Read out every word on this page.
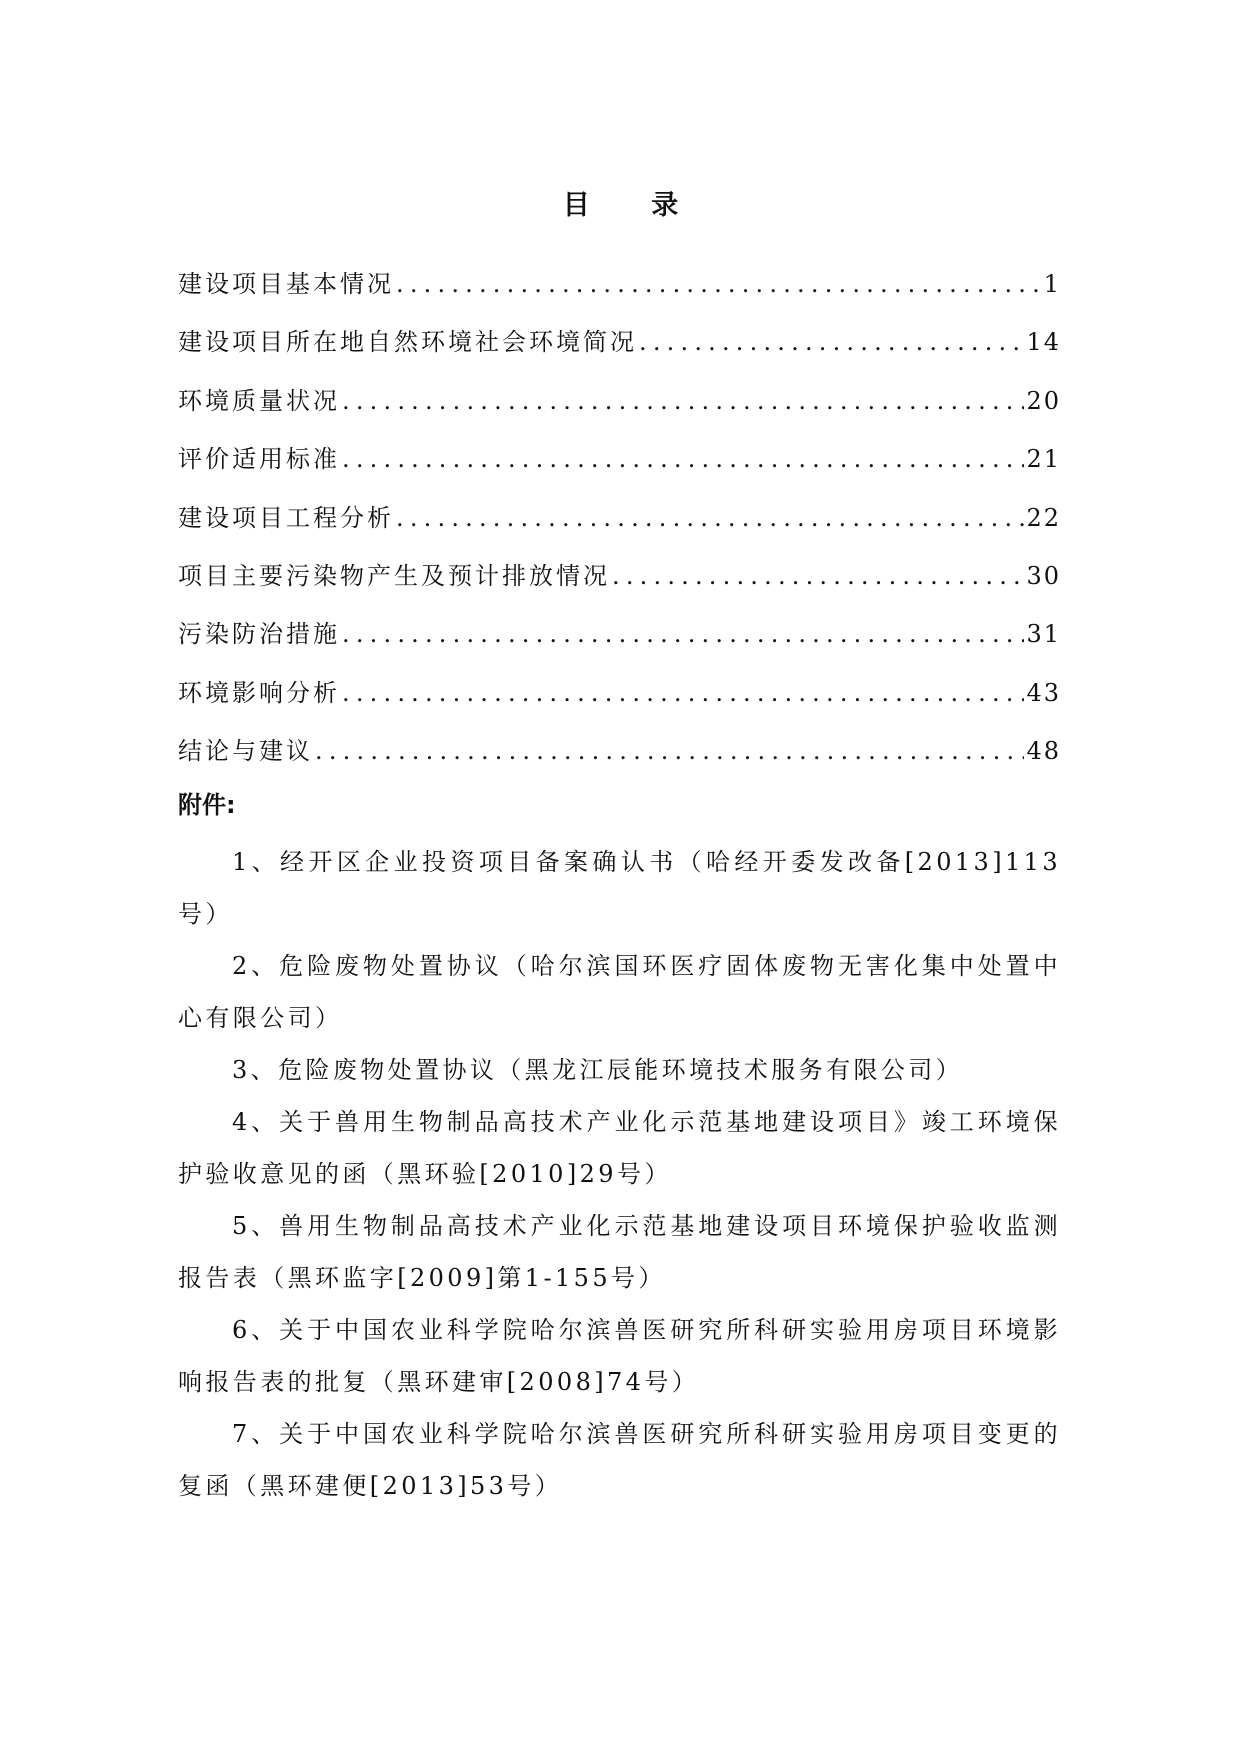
目 录
建设项目基本情况 .....	1
建设项目所在地自然环境社会环境简况 .....	14
环境质量状况 .....	20
评价适用标准 .....	21
建设项目工程分析 .....	22
项目主要污染物产生及预计排放情况 .....	30
污染防治措施 .....	31
环境影响分析 .....	43
结论与建议 .....	48
附件:

1、经开区企业投资项目备案确认书（哈经开委发改备[2013]113号）

2、危险废物处置协议（哈尔滨国环医疗固体废物无害化集中处置中心有限公司）

3、危险废物处置协议（黑龙江辰能环境技术服务有限公司）

4、关于兽用生物制品高技术产业化示范基地建设项目》竣工环境保护验收意见的函（黑环验[2010]29号）

5、兽用生物制品高技术产业化示范基地建设项目环境保护验收监测报告表（黑环监字[2009]第1-155号）

6、关于中国农业科学院哈尔滨兽医研究所科研实验用房项目环境影响报告表的批复（黑环建审[2008]74号）

7、关于中国农业科学院哈尔滨兽医研究所科研实验用房项目变更的复函（黑环建便[2013]53号）
